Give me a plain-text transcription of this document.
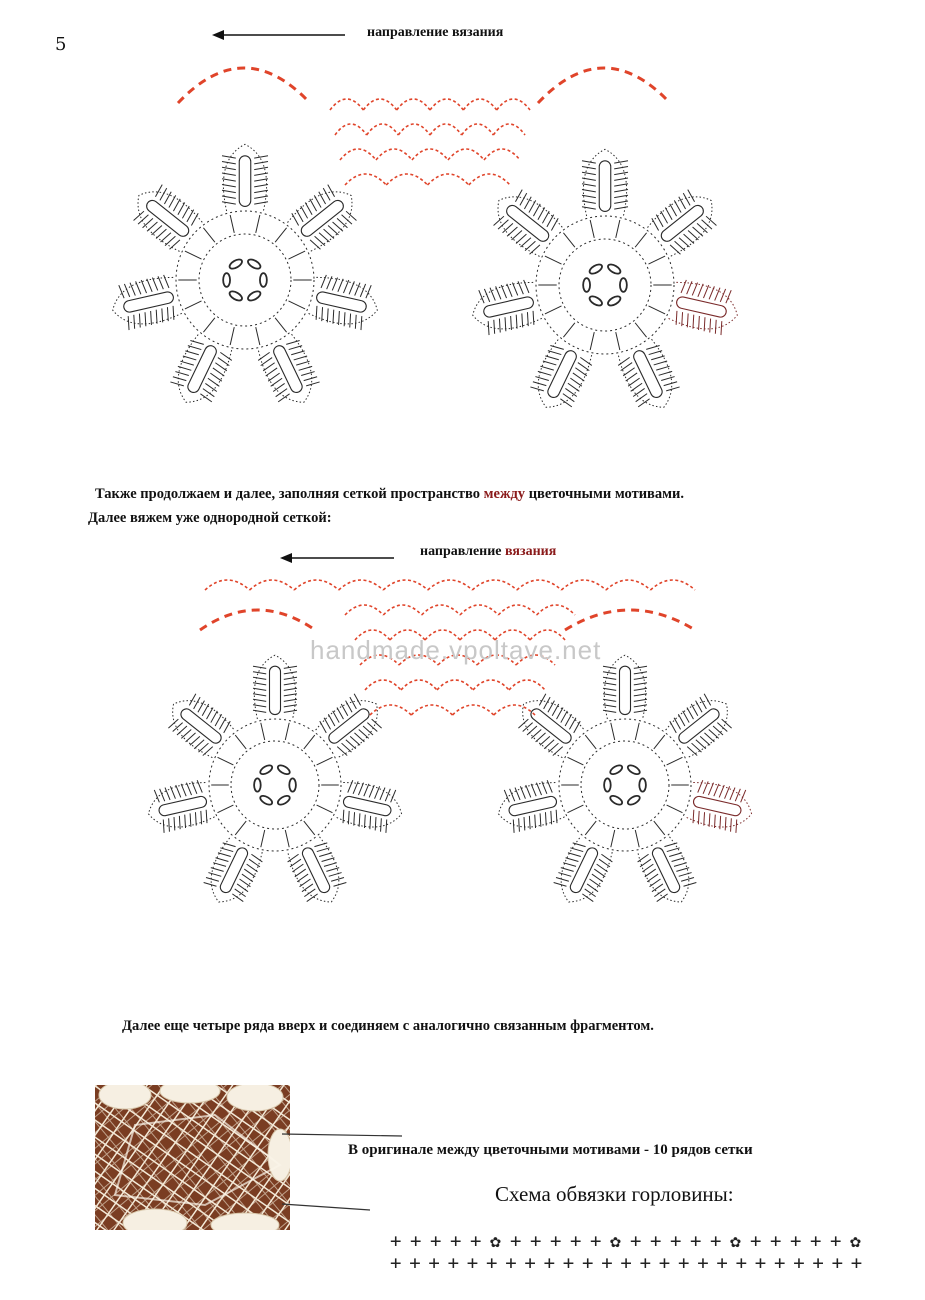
5
направление вязания
Также продолжаем и далее, заполняя сеткой пространство между цветочными мотивами.
Далее вяжем уже однородной сеткой:
направление вязания
handmade.vpoltave.net
Далее еще четыре ряда вверх и соединяем с аналогично связанным фрагментом.
В оригинале между цветочными мотивами - 10 рядов сетки
Схема обвязки горловины:
+ + + + + ✿ + + + + + ✿ + + + + + ✿ + + + + + ✿
+ + + + + + + + + + + + + + + + + + + + + + + + +
